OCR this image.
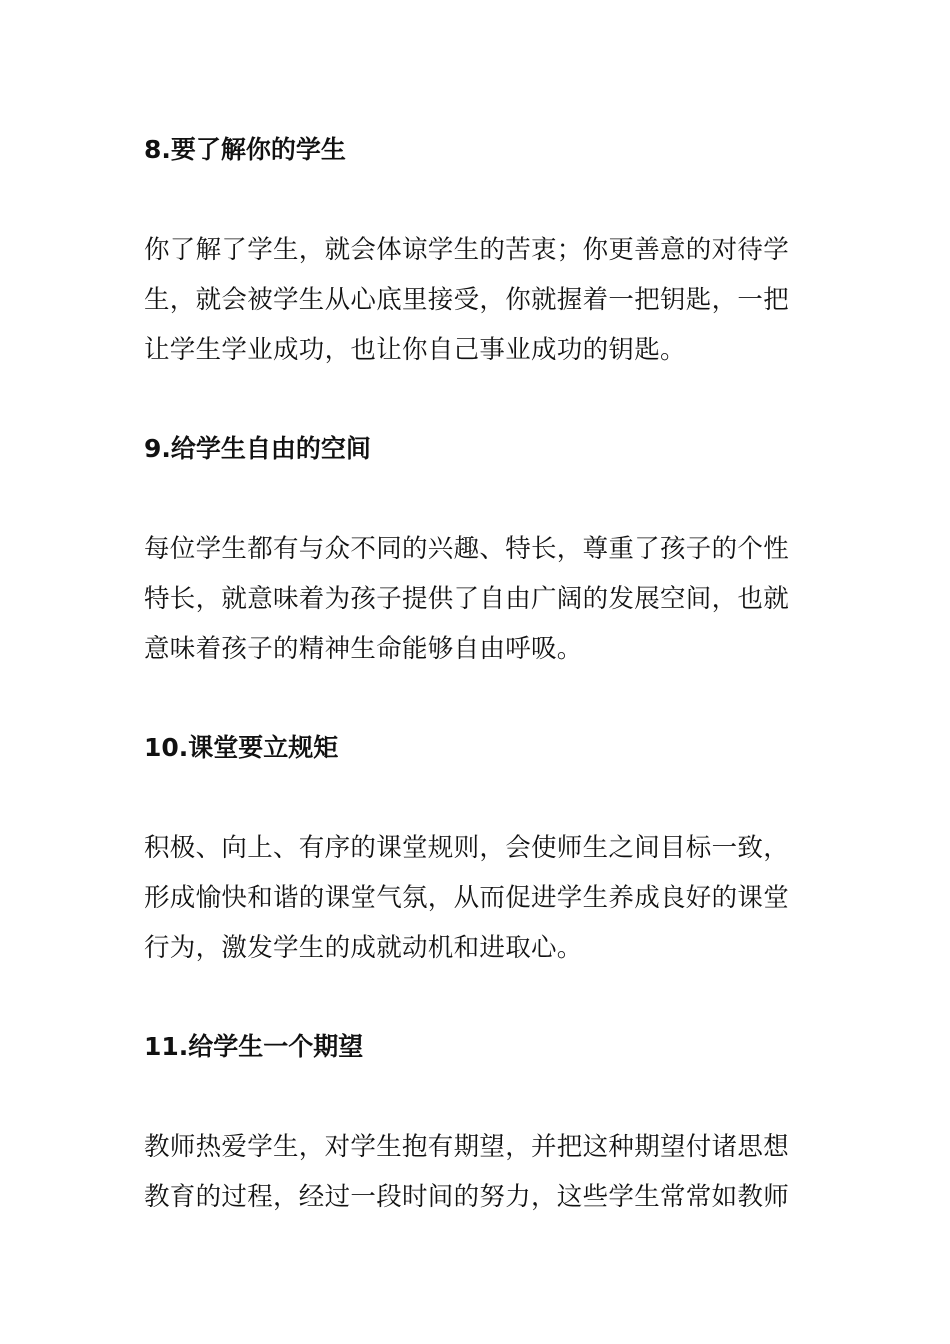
8.要了解你的学生

你了解了学生，就会体谅学生的苦衷；你更善意的对待学
生，就会被学生从心底里接受，你就握着一把钥匙，一把
让学生学业成功，也让你自己事业成功的钥匙。

9.给学生自由的空间

每位学生都有与众不同的兴趣、特长，尊重了孩子的个性
特长，就意味着为孩子提供了自由广阔的发展空间，也就
意味着孩子的精神生命能够自由呼吸。

10.课堂要立规矩

积极、向上、有序的课堂规则，会使师生之间目标一致，
形成愉快和谐的课堂气氛，从而促进学生养成良好的课堂
行为，激发学生的成就动机和进取心。

11.给学生一个期望

教师热爱学生，对学生抱有期望，并把这种期望付诸思想
教育的过程，经过一段时间的努力，这些学生常常如教师
